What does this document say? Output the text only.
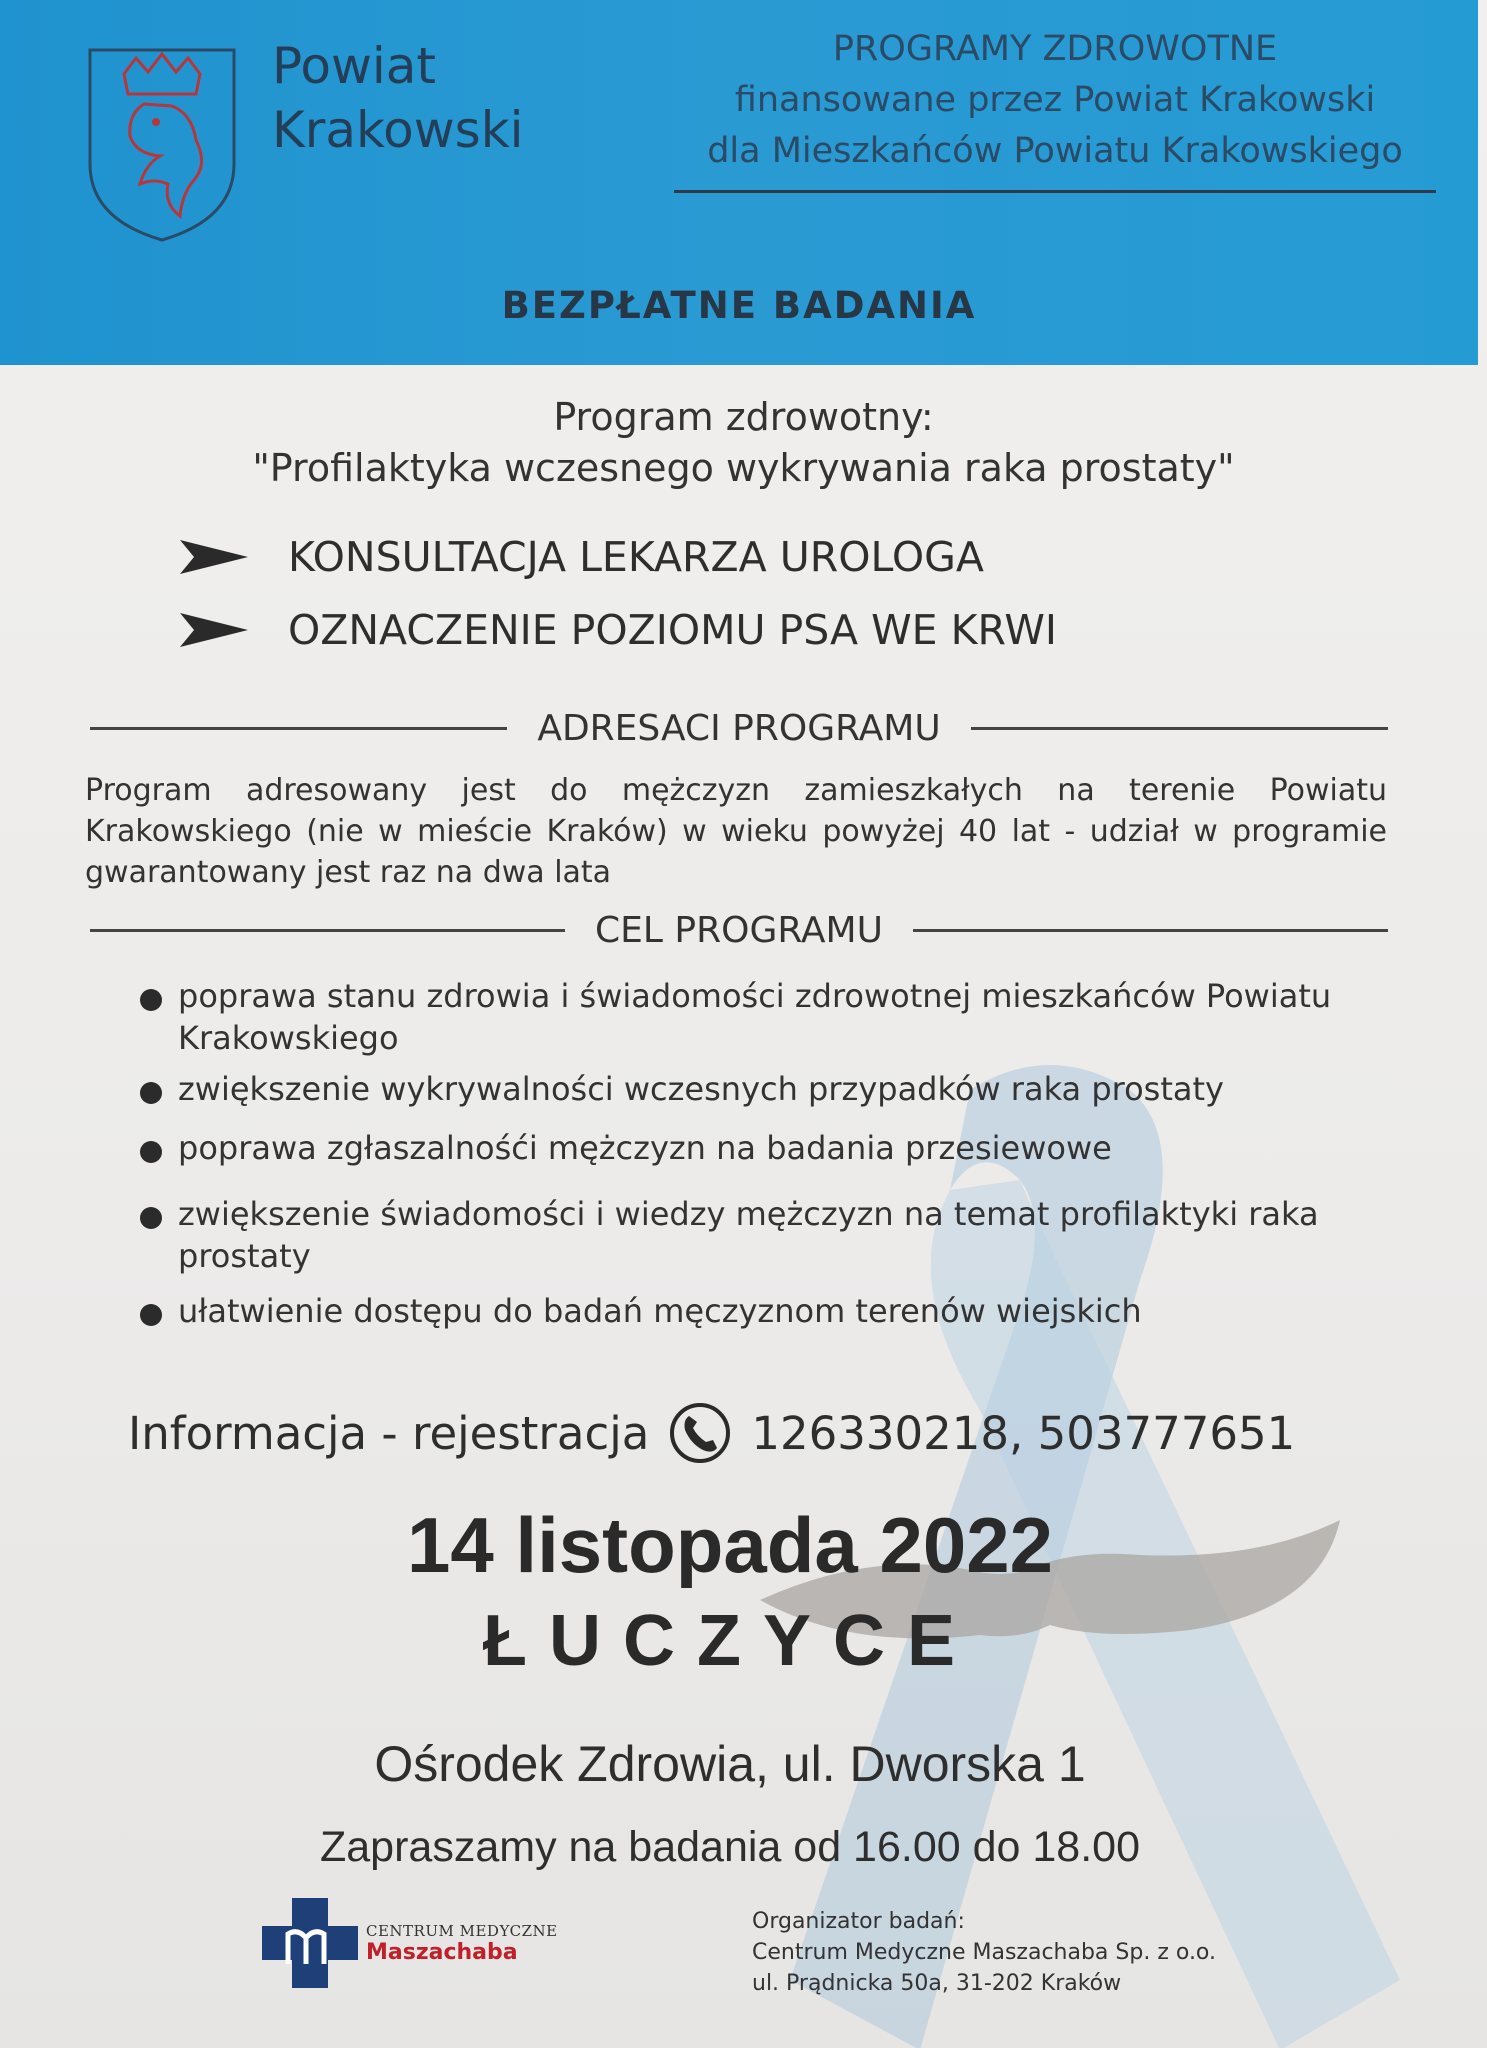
Powiat
Krakowski
PROGRAMY ZDROWOTNE
finansowane przez Powiat Krakowski
dla Mieszkańców Powiatu Krakowskiego
BEZPŁATNE BADANIA
Program zdrowotny:
"Profilaktyka wczesnego wykrywania raka prostaty"
KONSULTACJA LEKARZA UROLOGA
OZNACZENIE POZIOMU PSA WE KRWI
ADRESACI PROGRAMU
Program adresowany jest do mężczyzn zamieszkałych na terenie Powiatu Krakowskiego (nie w mieście Kraków) w wieku powyżej 40 lat - udział w programie gwarantowany jest raz na dwa lata
CEL PROGRAMU
poprawa stanu zdrowia i świadomości zdrowotnej mieszkańców Powiatu Krakowskiego
zwiększenie wykrywalności wczesnych przypadków raka prostaty
poprawa zgłaszalnośći mężczyzn na badania przesiewowe
zwiększenie świadomości i wiedzy mężczyzn na temat profilaktyki raka prostaty
ułatwienie dostępu do badań męczyznom terenów wiejskich
Informacja - rejestracja 126330218, 503777651
14 listopada 2022
ŁUCZYCE
Ośrodek Zdrowia, ul. Dworska 1
Zapraszamy na badania od 16.00 do 18.00
CENTRUM MEDYCZNE
Maszachaba
Organizator badań:
Centrum Medyczne Maszachaba Sp. z o.o.
ul. Prądnicka 50a, 31-202 Kraków
